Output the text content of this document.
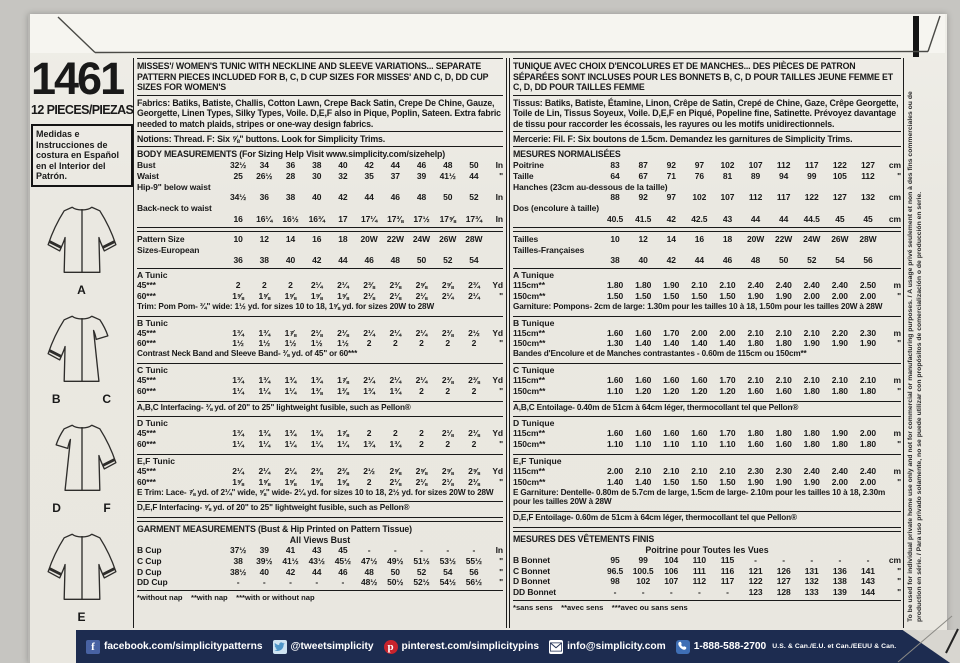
1461
12 PIECES/PIEZAS
Medidas e Instrucciones de costura en Español en el Interior del Patrón.
A
B	C
D	F
E

MISSES'/ WOMEN'S TUNIC WITH NECKLINE AND SLEEVE VARIATIONS... SEPARATE PATTERN PIECES INCLUDED FOR B, C, D CUP SIZES FOR MISSES' AND C, D, DD CUP SIZES FOR WOMEN'S

Fabrics: Batiks, Batiste, Challis, Cotton Lawn, Crepe Back Satin, Crepe De Chine, Gauze, Georgette, Linen Types, Silky Types, Voile. D,E,F also in Pique, Poplin, Sateen. Extra fabric needed to match plaids, stripes or one-way design fabrics.

Notions: Thread. F: Six ⅝" buttons. Look for Simplicity Trims.

BODY MEASUREMENTS (For Sizing Help Visit www.simplicity.com/sizehelp)

Bust	32½	34	36	38	40	42	44	46	48	50	In
Waist	25	26½	28	30	32	35	37	39	41½	44	"
Hip-9" below waist
34½	36	38	40	42	44	46	48	50	52	In
Back-neck to waist
16	16¼	16½	16¾	17	17¼	17⅜	17½	17⅝	17¾	In
Pattern Size	10	12	14	16	18	20W	22W	24W	26W	28W
Sizes-European
36	38	40	42	44	46	48	50	52	54
A Tunic
45***	2	2	2	2¼	2¼	2⅜	2⅜	2⅝	2⅝	2¾	Yd
60***	1⅝	1⅝	1⅝	1⅝	1⅝	2⅛	2⅛	2⅛	2¼	2¼	"
Trim: Pom Pom- ¾" wide: 1½ yd. for sizes 10 to 18, 1⅝ yd. for sizes 20W to 28W
B Tunic
45***	1¾	1¾	1⅞	2⅛	2⅛	2¼	2¼	2¼	2⅜	2½	Yd
60***	1½	1½	1½	1½	1½	2	2	2	2	2	"
Contrast Neck Band and Sleeve Band- ⅜ yd. of 45" or 60***
C Tunic
45***	1¾	1¾	1¾	1¾	1⅞	2¼	2¼	2¼	2⅜	2⅜	Yd
60***	1¼	1¼	1¼	1⅜	1⅜	1¾	1¾	2	2	2	"
A,B,C Interfacing- ⅜ yd. of 20" to 25" lightweight fusible, such as Pellon®
D Tunic
45***	1¾	1¾	1¾	1¾	1⅞	2	2	2	2⅛	2⅛	Yd
60***	1¼	1¼	1¼	1¼	1¼	1¾	1¾	2	2	2	"
E,F Tunic
45***	2¼	2¼	2¼	2⅜	2⅜	2½	2⅝	2⅝	2⅝	2⅝	Yd
60***	1⅝	1⅝	1⅝	1⅝	1⅝	2	2⅛	2⅛	2⅛	2⅛	"
E Trim: Lace- ⅞ yd. of 2¼" wide, ⅝" wide- 2¼ yd. for sizes 10 to 18, 2½ yd. for sizes 20W to 28W
D,E,F Interfacing- ⅝ yd. of 20" to 25" lightweight fusible, such as Pellon®

GARMENT MEASUREMENTS (Bust & Hip Printed on Pattern Tissue)

All Views Bust

B Cup	37½	39	41	43	45	-	-	-	-	-	In
C Cup	38	39½	41½	43½	45½	47½	49½	51½	53½	55½	"
D Cup	38½	40	42	44	46	48	50	52	54	56	"
DD Cup	-	-	-	-	-	48½	50½	52½	54½	56½	"

*without nap    **with nap    ***with or without nap

TUNIQUE AVEC CHOIX D'ENCOLURES ET DE MANCHES... DES PIÈCES DE PATRON SÉPARÉES SONT INCLUSES POUR LES BONNETS B, C, D POUR TAILLES JEUNE FEMME ET C, D, DD POUR TAILLES FEMME

Tissus: Batiks, Batiste, Étamine, Linon, Crêpe de Satin, Crepé de Chine, Gaze, Crêpe Georgette, Toile de Lin, Tissus Soyeux, Voile. D,E,F en Piqué, Popeline fine, Satinette. Prévoyez davantage de tissu pour raccorder les écossais, les rayures ou les motifs unidirectionnels.

Mercerie: Fil. F: Six boutons de 1.5cm. Demandez les garnitures de Simplicity Trims.

MESURES NORMALISÉES

Poitrine	83	87	92	97	102	107	112	117	122	127	cm
Taille	64	67	71	76	81	89	94	99	105	112	"
Hanches (23cm au-dessous de la taille)
88	92	97	102	107	112	117	122	127	132	cm
Dos (encolure à taille)
40.5	41.5	42	42.5	43	44	44	44.5	45	45	cm
Tailles	10	12	14	16	18	20W	22W	24W	26W	28W
Tailles-Françaises
38	40	42	44	46	48	50	52	54	56
A Tunique
115cm**	1.80	1.80	1.90	2.10	2.10	2.40	2.40	2.40	2.40	2.50	m
150cm**	1.50	1.50	1.50	1.50	1.50	1.90	1.90	2.00	2.00	2.00	"
Garniture: Pompons- 2cm de large: 1.30m pour les tailles 10 à 18, 1.50m pour les tailles 20W à 28W
B Tunique
115cm**	1.60	1.60	1.70	2.00	2.00	2.10	2.10	2.10	2.20	2.30	m
150cm**	1.30	1.40	1.40	1.40	1.40	1.80	1.80	1.90	1.90	1.90	"
Bandes d'Encolure et de Manches contrastantes - 0.60m de 115cm ou 150cm**
C Tunique
115cm**	1.60	1.60	1.60	1.60	1.70	2.10	2.10	2.10	2.10	2.10	m
150cm**	1.10	1.20	1.20	1.20	1.20	1.60	1.60	1.80	1.80	1.80	"
A,B,C Entoilage- 0.40m de 51cm à 64cm léger, thermocollant tel que Pellon®
D Tunique
115cm**	1.60	1.60	1.60	1.60	1.70	1.80	1.80	1.80	1.90	2.00	m
150cm**	1.10	1.10	1.10	1.10	1.10	1.60	1.60	1.80	1.80	1.80	"
E,F Tunique
115cm**	2.00	2.10	2.10	2.10	2.10	2.30	2.30	2.40	2.40	2.40	m
150cm**	1.40	1.40	1.50	1.50	1.50	1.90	1.90	1.90	2.00	2.00	"
E Garniture: Dentelle- 0.80m de 5.7cm de large, 1.5cm de large- 2.10m pour les tailles 10 à 18, 2.30m pour les tailles 20W à 28W
D,E,F Entoilage- 0.60m de 51cm à 64cm léger, thermocollant tel que Pellon®

MESURES DES VÊTEMENTS FINIS

Poitrine pour Toutes les Vues

B Bonnet	95	99	104	110	115	-	-	-	-	-	cm
C Bonnet	96.5	100.5	106	111	116	121	126	131	136	141	"
D Bonnet	98	102	107	112	117	122	127	132	138	143	"
DD Bonnet	-	-	-	-	-	123	128	133	139	144	"

*sans sens    **avec sens    ***avec ou sans sens	To be used for individual private home use only and not for commercial or manufacturing purposes. / A usage privé seulement et non à des fins commerciales ou de production en série. / Para uso privado solamente, no se puede utilizar con propósitos de comercialización o de producción en serie.
f facebook.com/simplicitypatterns	@tweetsimplicity	p pinterest.com/simplicitypins	info@simplicity.com	1-888-588-2700 U.S. & Can./E.U. et Can./EEUU & Can.
